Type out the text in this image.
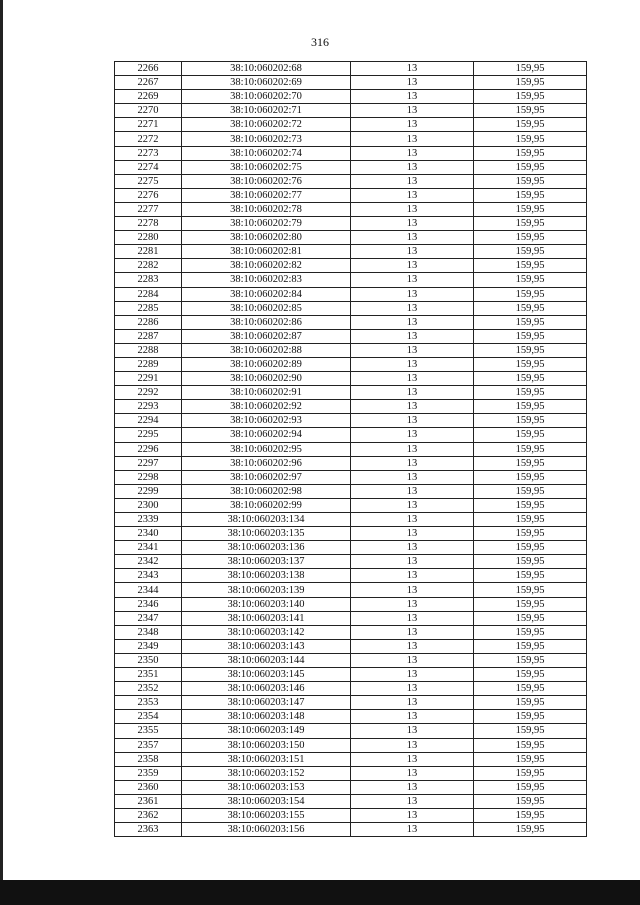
316
2266	38:10:060202:68	13	159,95
2267	38:10:060202:69	13	159,95
2269	38:10:060202:70	13	159,95
2270	38:10:060202:71	13	159,95
2271	38:10:060202:72	13	159,95
2272	38:10:060202:73	13	159,95
2273	38:10:060202:74	13	159,95
2274	38:10:060202:75	13	159,95
2275	38:10:060202:76	13	159,95
2276	38:10:060202:77	13	159,95
2277	38:10:060202:78	13	159,95
2278	38:10:060202:79	13	159,95
2280	38:10:060202:80	13	159,95
2281	38:10:060202:81	13	159,95
2282	38:10:060202:82	13	159,95
2283	38:10:060202:83	13	159,95
2284	38:10:060202:84	13	159,95
2285	38:10:060202:85	13	159,95
2286	38:10:060202:86	13	159,95
2287	38:10:060202:87	13	159,95
2288	38:10:060202:88	13	159,95
2289	38:10:060202:89	13	159,95
2291	38:10:060202:90	13	159,95
2292	38:10:060202:91	13	159,95
2293	38:10:060202:92	13	159,95
2294	38:10:060202:93	13	159,95
2295	38:10:060202:94	13	159,95
2296	38:10:060202:95	13	159,95
2297	38:10:060202:96	13	159,95
2298	38:10:060202:97	13	159,95
2299	38:10:060202:98	13	159,95
2300	38:10:060202:99	13	159,95
2339	38:10:060203:134	13	159,95
2340	38:10:060203:135	13	159,95
2341	38:10:060203:136	13	159,95
2342	38:10:060203:137	13	159,95
2343	38:10:060203:138	13	159,95
2344	38:10:060203:139	13	159,95
2346	38:10:060203:140	13	159,95
2347	38:10:060203:141	13	159,95
2348	38:10:060203:142	13	159,95
2349	38:10:060203:143	13	159,95
2350	38:10:060203:144	13	159,95
2351	38:10:060203:145	13	159,95
2352	38:10:060203:146	13	159,95
2353	38:10:060203:147	13	159,95
2354	38:10:060203:148	13	159,95
2355	38:10:060203:149	13	159,95
2357	38:10:060203:150	13	159,95
2358	38:10:060203:151	13	159,95
2359	38:10:060203:152	13	159,95
2360	38:10:060203:153	13	159,95
2361	38:10:060203:154	13	159,95
2362	38:10:060203:155	13	159,95
2363	38:10:060203:156	13	159,95
